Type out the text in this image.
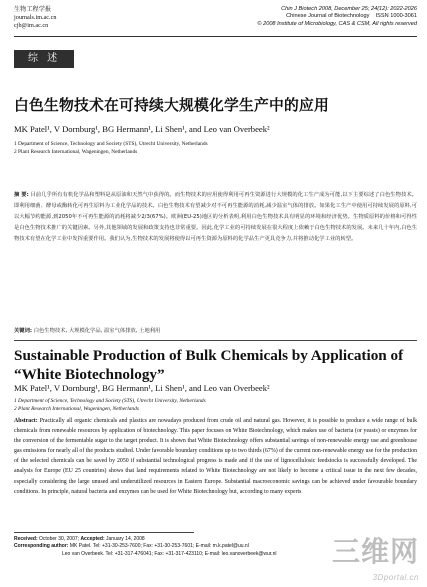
生物工程学报
journals.im.ac.cn
cjb@im.ac.cn
Chin J Biotech 2008, December 25; 24(12): 2022-2026
Chinese Journal of Biotechnology ISSN 1000-3061
© 2008 Institute of Microbiology, CAS & CSM, All rights reserved
综 述
白色生物技术在可持续大规模化学生产中的应用
MK Patel¹, V Dornburg¹, BG Hermann¹, Li Shen¹, and Leo van Overbeek²
1 Department of Science, Technology and Society (STS), Utrecht University, Netherlands
2 Plant Research International, Wageningen, Netherlands
摘 要: 目前几乎所有有机化学品和塑料是从原油和天然气中获得的。而生物技术的应用使得利用可再生资源进行大规模的化工生产成为可能,以下主要综述了白色生物技术。即利用细菌、酵母或酶转化可再生原料为工业化学品的技术。白色生物技术有望减少对不可再生能源的消耗,减少温室气体的排放。如果化工生产中使用可持续发展的原料,可以大幅节约能源,到2050年不可再生能源的消耗将减少2/3(67%)。欧洲(EU-25)地区的分析表明,利用白色生物技术具有明显的环境和经济优势。生物质原料的价格和可得性是白色生物技术推广的关键因素。另外,其他领域的发展和政策支持也非常重要。因此,化学工业的可持续发展在很大程度上依赖于白色生物技术的发展。未来几十年内,白色生物技术有望在化学工业中发挥重要作用。我们认为,生物技术的发展将使得以可再生资源为原料的化学品生产更具竞争力,并将推动化学工业的转型。
关键词: 白色生物技术, 大规模化学品, 温室气体排放, 土地利用
Sustainable Production of Bulk Chemicals by Application of “White Biotechnology”
MK Patel¹, V Dornburg¹, BG Hermann¹, Li Shen¹, and Leo van Overbeek²
1 Department of Science, Technology and Society (STS), Utrecht University, Netherlands
2 Plant Research International, Wageningen, Netherlands
Abstract: Practically all organic chemicals and plastics are nowadays produced from crude oil and natural gas. However, it is possible to produce a wide range of bulk chemicals from renewable resources by application of biotechnology. This paper focuses on White Biotechnology, which makes use of bacteria (or yeasts) or enzymes for the conversion of the fermentable sugar to the target product. It is shown that White Biotechnology offers substantial savings of non-renewable energy use and greenhouse gas emissions for nearly all of the products studied. Under favorable boundary conditions up to two thirds (67%) of the current non-renewable energy use for the production of the selected chemicals can be saved by 2050 if substantial technological progress is made and if the use of lignocellulosic feedstocks is successfully developed. The analysis for Europe (EU 25 countries) shows that land requirements related to White Biotechnology are not likely to become a critical issue in the next few decades, especially considering the large unused and underutilized resources in Eastern Europe. Substantial macroeconomic savings can be achieved under favourable boundary conditions. In principle, natural bacteria and enzymes can be used for White Biotechnology but, according to many experts
Received: October 30, 2007; Accepted: January 14, 2008
Corresponding author: MK Patel. Tel: +31-30-253-7600; Fax: +31-30-253-7601; E-mail: m.k.patel@uu.nl
Leo van Overbeek. Tel: +31-317-476041; Fax: +31-317-423110; E-mail: leo.vanoverbeek@wur.nl 三维网
3Dportal.cn
